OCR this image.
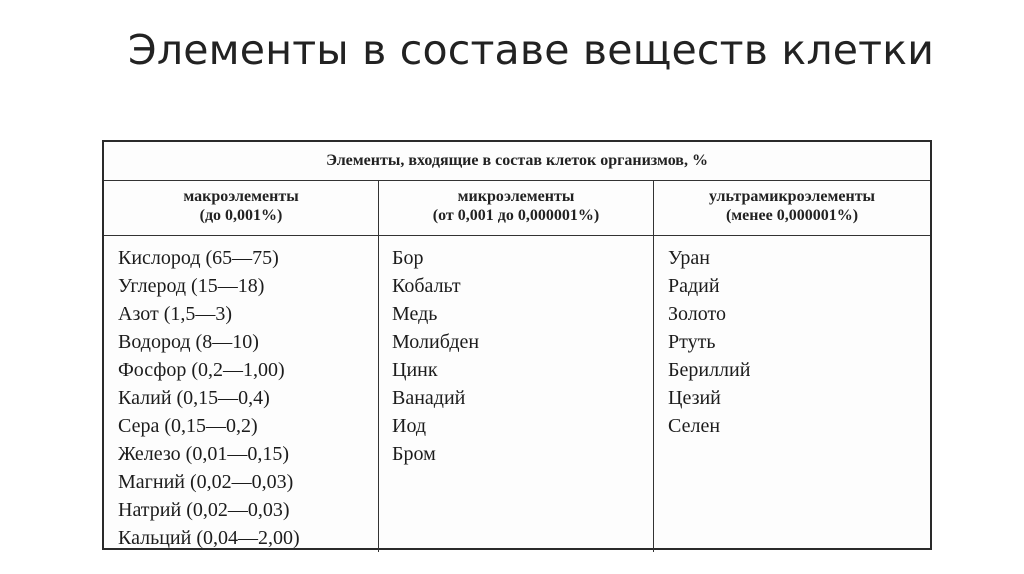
Элементы в составе веществ клетки
Элементы, входящие в состав клеток организмов, %
макроэлементы
(до 0,001%)
Кислород (65—75)
Углерод (15—18)
Азот (1,5—3)
Водород (8—10)
Фосфор (0,2—1,00)
Калий (0,15—0,4)
Сера (0,15—0,2)
Железо (0,01—0,15)
Магний (0,02—0,03)
Натрий (0,02—0,03)
Кальций (0,04—2,00)
микроэлементы
(от 0,001 до 0,000001%)
Бор
Кобальт
Медь
Молибден
Цинк
Ванадий
Иод
Бром
ультрамикроэлементы
(менее 0,000001%)
Уран
Радий
Золото
Ртуть
Бериллий
Цезий
Селен
